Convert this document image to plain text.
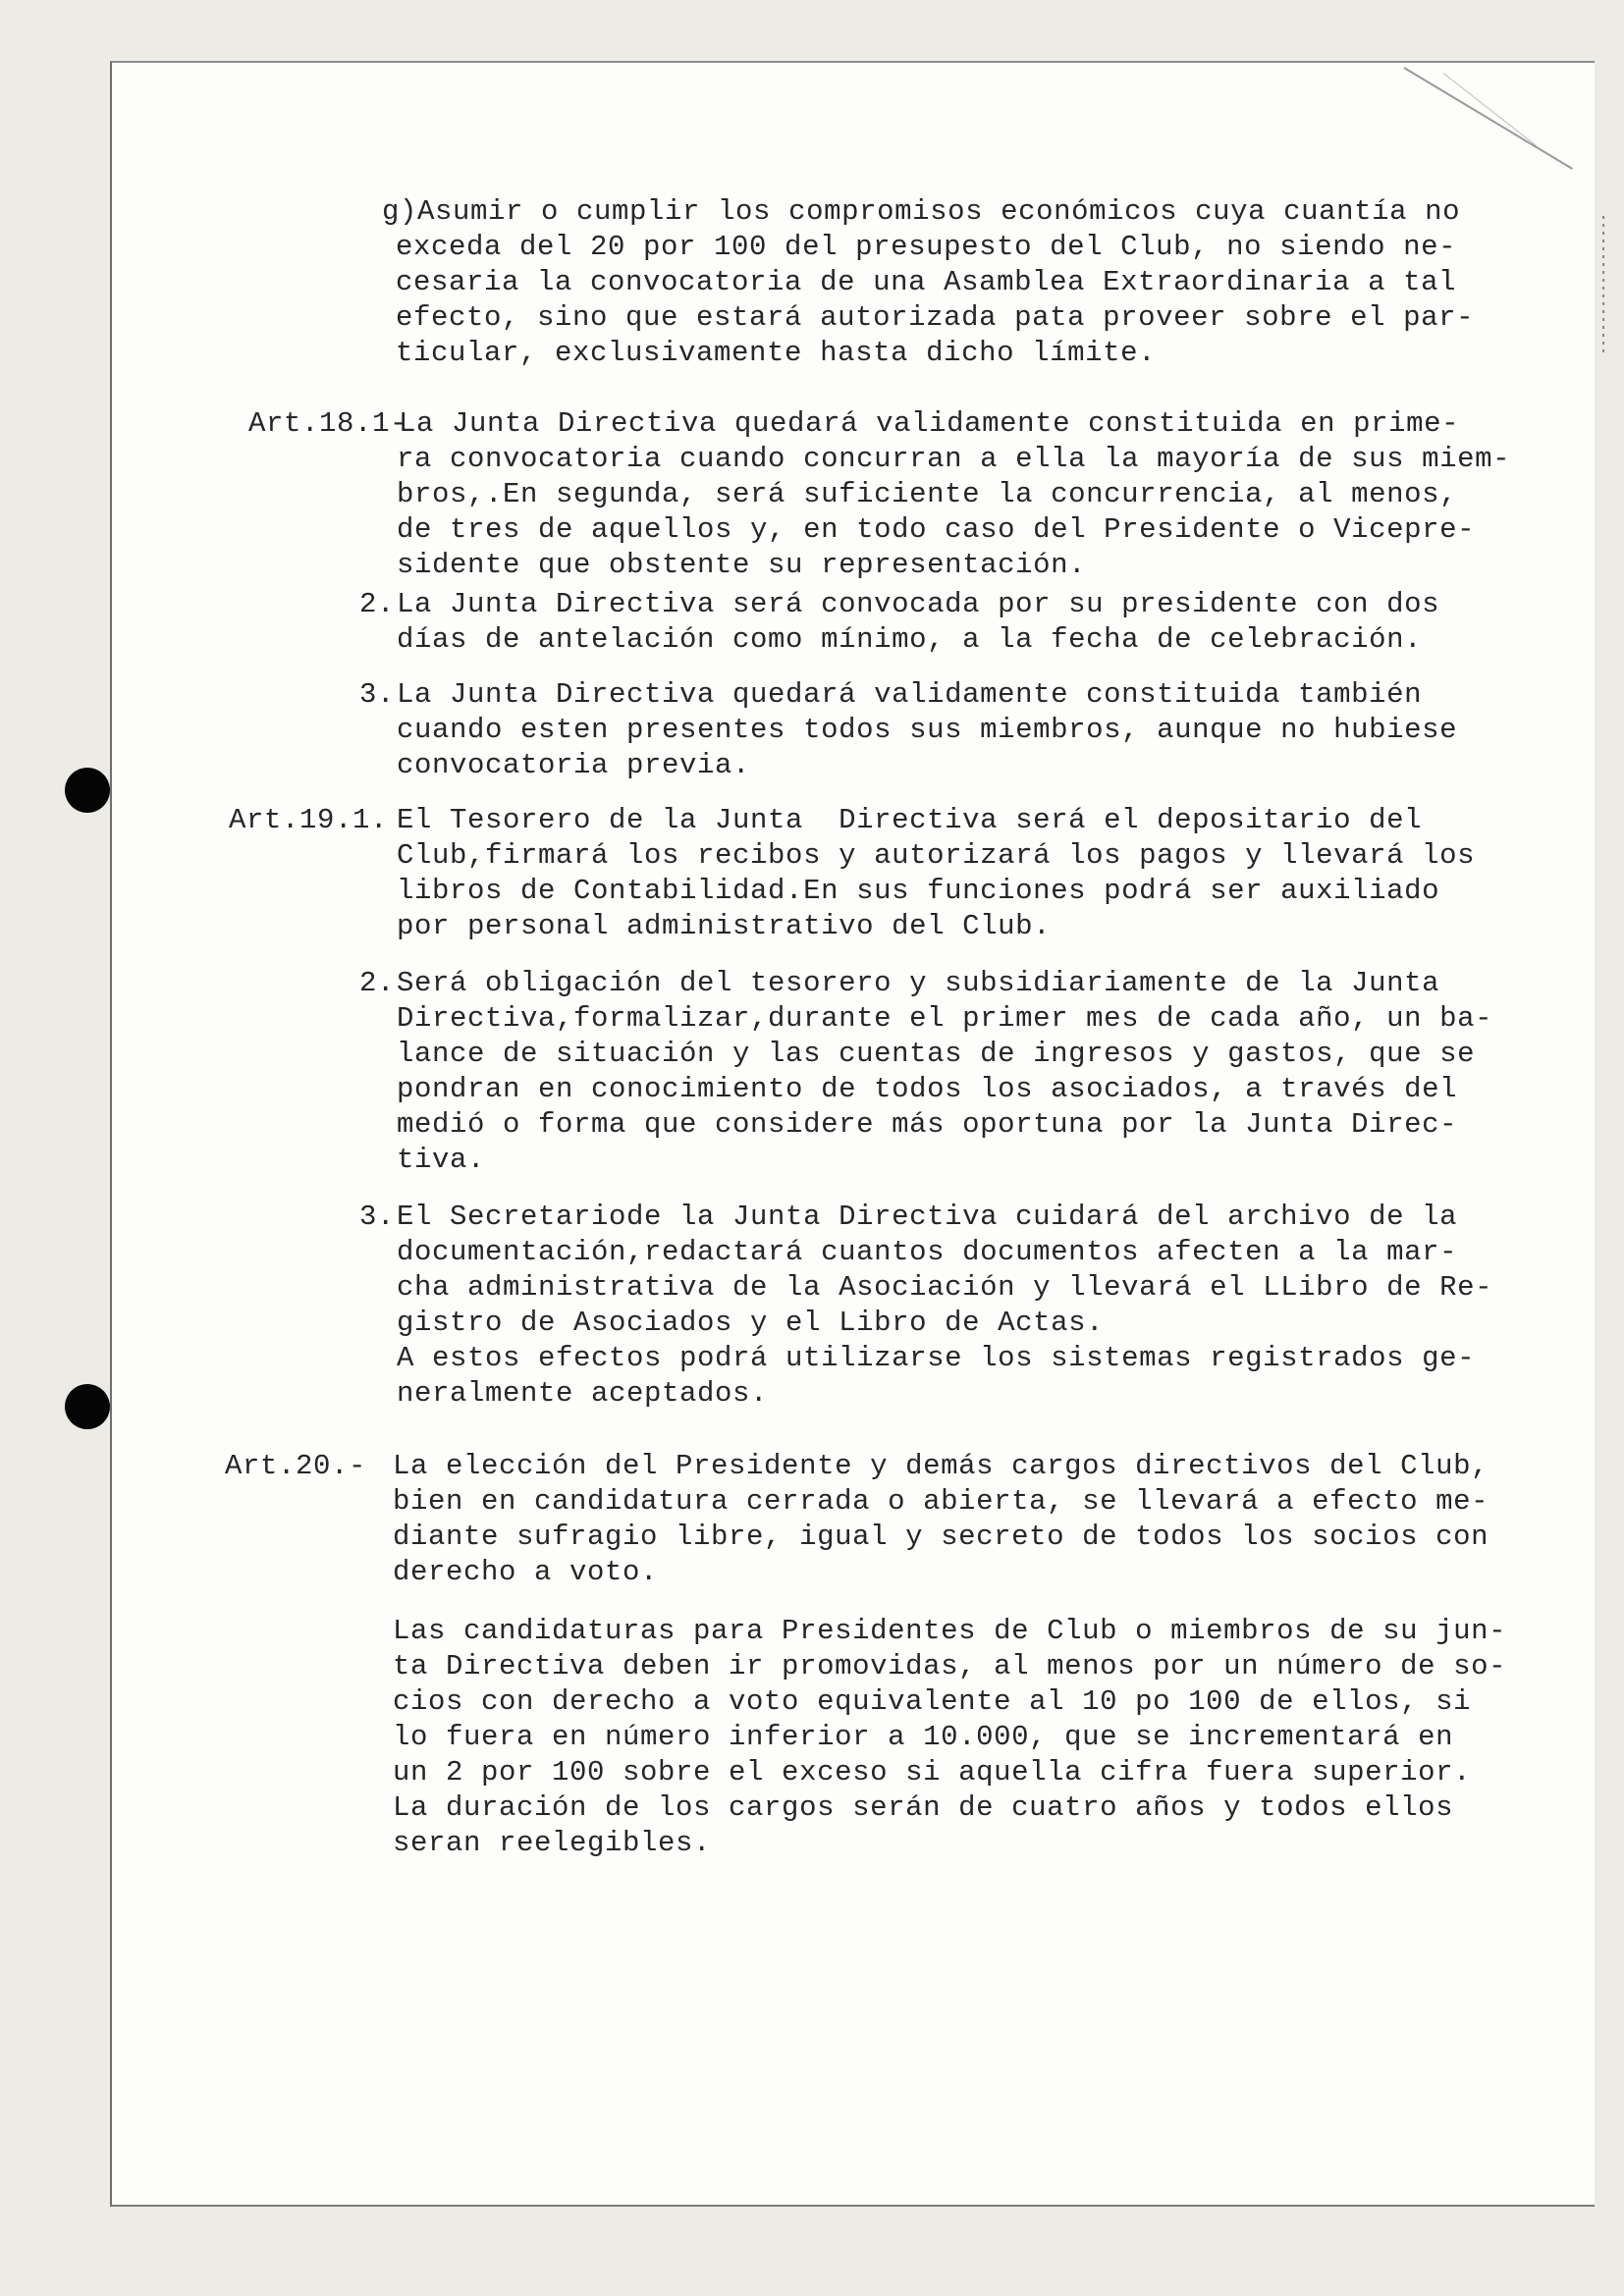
g)Asumir o cumplir los compromisos económicos cuya cuantía no
exceda del 20 por 100 del presupesto del Club, no siendo ne-
cesaria la convocatoria de una Asamblea Extraordinaria a tal
efecto, sino que estará autorizada pata proveer sobre el par-
ticular, exclusivamente hasta dicho límite.
Art.18.1-
La Junta Directiva quedará validamente constituida en prime-
ra convocatoria cuando concurran a ella la mayoría de sus miem-
bros,.En segunda, será suficiente la concurrencia, al menos,
de tres de aquellos y, en todo caso del Presidente o Vicepre-
sidente que obstente su representación.
2. La Junta Directiva será convocada por su presidente con dos
días de antelación como mínimo, a la fecha de celebración.
3. La Junta Directiva quedará validamente constituida también
cuando esten presentes todos sus miembros, aunque no hubiese
convocatoria previa.
Art.19.1. El Tesorero de la Junta  Directiva será el depositario del
Club,firmará los recibos y autorizará los pagos y llevará los
libros de Contabilidad.En sus funciones podrá ser auxiliado
por personal administrativo del Club.
2. Será obligación del tesorero y subsidiariamente de la Junta
Directiva,formalizar,durante el primer mes de cada año, un ba-
lance de situación y las cuentas de ingresos y gastos, que se
pondran en conocimiento de todos los asociados, a través del
medió o forma que considere más oportuna por la Junta Direc-
tiva.
3. El Secretariode la Junta Directiva cuidará del archivo de la
documentación,redactará cuantos documentos afecten a la mar-
cha administrativa de la Asociación y llevará el LLibro de Re-
gistro de Asociados y el Libro de Actas.
A estos efectos podrá utilizarse los sistemas registrados ge-
neralmente aceptados.
Art.20.- La elección del Presidente y demás cargos directivos del Club,
bien en candidatura cerrada o abierta, se llevará a efecto me-
diante sufragio libre, igual y secreto de todos los socios con
derecho a voto.
Las candidaturas para Presidentes de Club o miembros de su jun-
ta Directiva deben ir promovidas, al menos por un número de so-
cios con derecho a voto equivalente al 10 po 100 de ellos, si
lo fuera en número inferior a 10.000, que se incrementará en
un 2 por 100 sobre el exceso si aquella cifra fuera superior.
La duración de los cargos serán de cuatro años y todos ellos
seran reelegibles.
